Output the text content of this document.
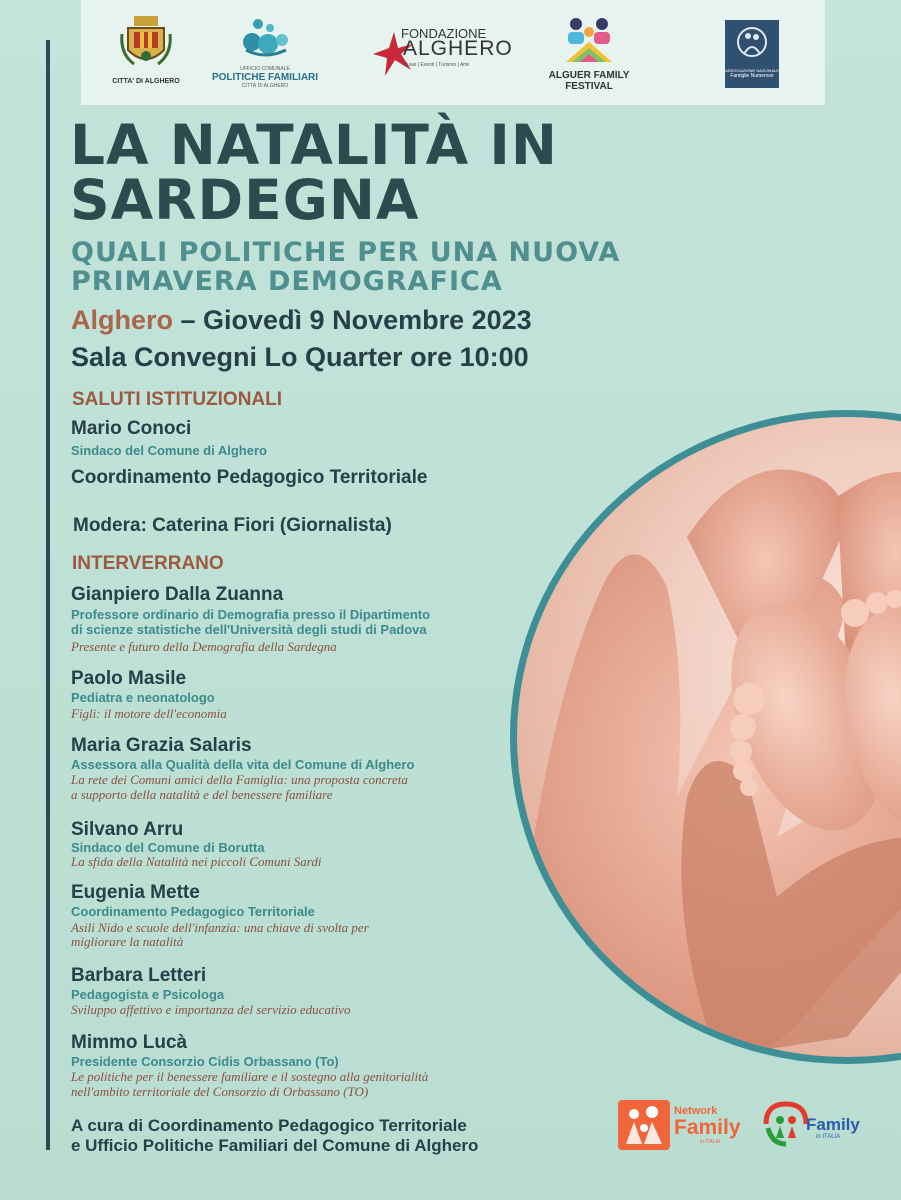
CITTA' DI ALGHERO
UFFICIO COMUNALE
POLITICHE FAMILIARI
CITTÀ DI ALGHERO
FONDAZIONE
ALGHERO
Musei | Eventi | Turismo | Arte
ALGUER FAMILY
FESTIVAL
ASSOCIAZIONE NAZIONALE
Famiglie Numerose
LA NATALITÀ IN
SARDEGNA
QUALI POLITICHE PER UNA NUOVA
PRIMAVERA DEMOGRAFICA
Alghero – Giovedì 9 Novembre 2023
Sala Convegni Lo Quarter ore 10:00
SALUTI ISTITUZIONALI
Mario Conoci
Sindaco del Comune di Alghero
Coordinamento Pedagogico Territoriale
Modera: Caterina Fiori (Giornalista)
INTERVERRANO
Gianpiero Dalla Zuanna
Professore ordinario di Demografia presso il Dipartimento
di scienze statistiche dell'Università degli studi di Padova
Presente e futuro della Demografia della Sardegna
Paolo Masile
Pediatra e neonatologo
Figli: il motore dell'economia
Maria Grazia Salaris
Assessora alla Qualità della vita del Comune di Alghero
La rete dei Comuni amici della Famiglia: una proposta concreta
a supporto della natalità e del benessere familiare
Silvano Arru
Sindaco del Comune di Borutta
La sfida della Natalità nei piccoli Comuni Sardi
Eugenia Mette
Coordinamento Pedagogico Territoriale
Asili Nido e scuole dell'infanzia: una chiave di svolta per
migliorare la natalità
Barbara Letteri
Pedagogista e Psicologa
Sviluppo affettivo e importanza del servizio educativo
Mimmo Lucà
Presidente Consorzio Cidis Orbassano (To)
Le politiche per il benessere familiare e il sostegno alla genitorialità
nell'ambito territoriale del Consorzio di Orbassano (TO)
A cura di Coordinamento Pedagogico Territoriale
e Ufficio Politiche Familiari del Comune di Alghero
Network
Family
in ITALIA
Family
in ITALIA
